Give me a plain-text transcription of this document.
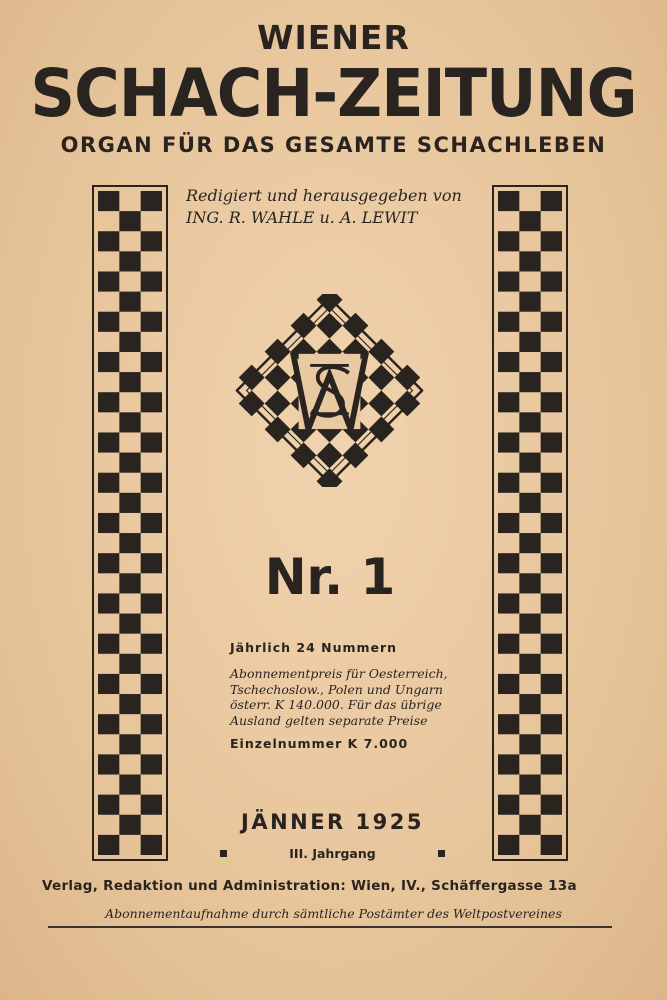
WIENER
SCHACH-ZEITUNG
ORGAN FÜR DAS GESAMTE SCHACHLEBEN
Redigiert und herausgegeben von
ING. R. WAHLE u. A. LEWIT
Nr. 1
Jährlich 24 Nummern
Abonnementpreis für Oesterreich,
Tschechoslow., Polen und Ungarn
österr. K 140.000. Für das übrige
Ausland gelten separate Preise
Einzelnummer K 7.000
JÄNNER 1925
III. Jahrgang
Verlag, Redaktion und Administration: Wien, IV., Schäffergasse 13a
Abonnementaufnahme durch sämtliche Postämter des Weltpostvereines
